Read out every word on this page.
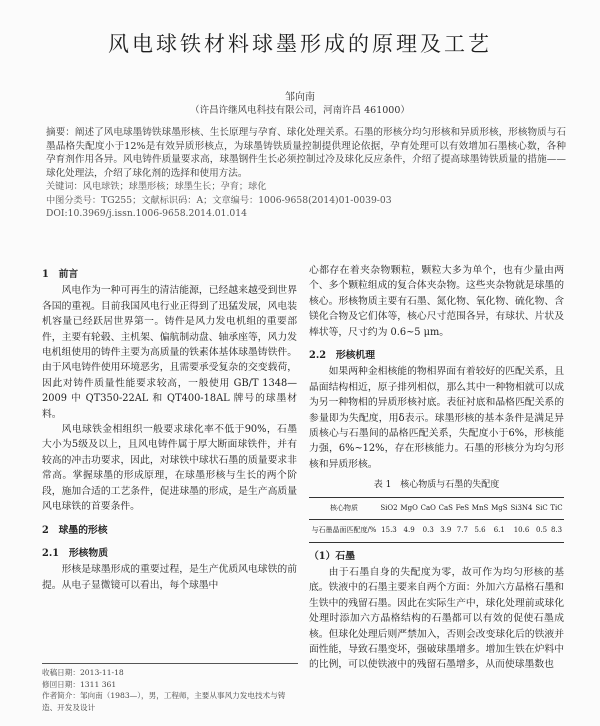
风电球铁材料球墨形成的原理及工艺
邹向南
（许昌许继风电科技有限公司，河南许昌 461000）

摘要：阐述了风电球墨铸铁球墨形核、生长原理与孕育、球化处理关系。石墨的形核分均匀形核和异质形核，形核物质与石墨晶格失配度小于12%是有效异质形核点，为球墨铸铁质量控制提供理论依据，孕育处理可以有效增加石墨核心数，各种孕育剂作用各异。风电铸件质量要求高，球墨钢件生长必须控制过冷及球化反应条件，介绍了提高球墨铸铁质量的措施——球化处理法，介绍了球化剂的选择和使用方法。

关键词：风电球铁；球墨形核；球墨生长；孕育；球化

中图分类号：TG255；文献标识码：A；文章编号：1006-9658(2014)01-0039-03

DOI:10.3969/j.issn.1006-9658.2014.01.014

1　前言

风电作为一种可再生的清洁能源，已经越来越受到世界各国的重视。目前我国风电行业正得到了迅猛发展，风电装机容量已经跃居世界第一。铸件是风力发电机组的重要部件，主要有轮毂、主机架、偏航制动盘、轴承座等，风力发电机组使用的铸件主要为高质量的铁素体基体球墨铸铁件。由于风电铸件使用环境恶劣，且需要承受复杂的交变载荷，因此对铸件质量性能要求较高，一般使用 GB/T 1348—2009 中 QT350-22AL 和 QT400-18AL 牌号的球墨材料。

风电球铁金相组织一般要求球化率不低于90%，石墨大小为5级及以上，且风电铸件属于厚大断面球铁件，并有较高的冲击功要求，因此，对球铁中球状石墨的质量要求非常高。掌握球墨的形成原理，在球墨形核与生长的两个阶段，施加合适的工艺条件，促进球墨的形成，是生产高质量风电球铁的首要条件。

2　球墨的形核

2.1　形核物质

形核是球墨形成的重要过程，是生产优质风电球铁的前提。从电子显微镜可以看出，每个球墨中

心都存在着夹杂物颗粒，颗粒大多为单个，也有少量由两个、多个颗粒组成的复合体夹杂物。这些夹杂物就是球墨的核心。形核物质主要有石墨、氮化物、氧化物、硫化物、含镁化合物及它们体等，核心尺寸范围各异，有球状、片状及棒状等，尺寸约为 0.6~5 μm。

2.2　形核机理

如果两种金相核能的物相界面有着较好的匹配关系，且晶面结构相近，原子排列相似，那么其中一种物相就可以成为另一种物相的异质形核衬底。表征衬底和晶格匹配关系的参量即为失配度，用δ表示。球墨形核的基本条件是满足异质核心与石墨间的晶格匹配关系，失配度小于6%，形核能力强，6%~12%，存在形核能力。石墨的形核分为均匀形核和异质形核。

表 1　核心物质与石墨的失配度
核心物质	SiO2	MgO	CaO	CaS	FeS	MnS	MgS	Si3N4	SiC	TiC
与石墨晶面匹配度/%	15.3	4.9	0.3	3.9	7.7	5.6	6.1	10.6	0.5	8.3

（1）石墨

由于石墨自身的失配度为零，故可作为均匀形核的基底。铁液中的石墨主要来自两个方面：外加六方晶格石墨和生铁中的残留石墨。因此在实际生产中，球化处理前或球化处理时添加六方晶格结构的石墨都可以有效的促使石墨成核。但球化处理后则严禁加入，否则会改变球化后的铁液并面性能，导致石墨变坏，强破球墨增多。增加生铁在炉料中的比例，可以使铁液中的残留石墨增多，从而使球墨数也

收稿日期：2013-11-18

修回日期：1311 361

作者简介：邹向南（1983—），男，工程师，主要从事风力发电技术与铸造、开发及设计
